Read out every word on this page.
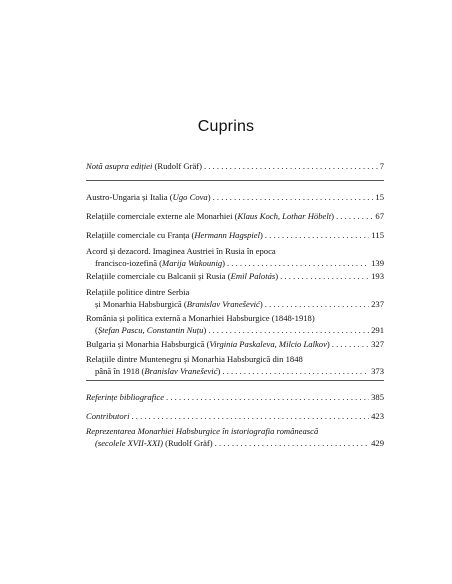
Cuprins
Notă asupra ediției (Rudolf Gräf) . . .	7
Austro-Ungaria și Italia (Ugo Cova) . . .	15
Relațiile comerciale externe ale Monarhiei (Klaus Koch, Lothar Höbelt) . . .	67
Relațiile comerciale cu Franța (Hermann Hagspiel) . . .	115
Acord și dezacord. Imaginea Austriei în Rusia în epoca
francisco-iozefină (Marija Wakounig) . . .	139
Relațiile comerciale cu Balcanii și Rusia (Emil Palotás) . . .	193
Relațiile politice dintre Serbia
și Monarhia Habsburgică (Branislav Vranešević) . . .	237
România și politica externă a Monarhiei Habsburgice (1848-1918)
(Ștefan Pascu, Constantin Nuțu) . . .	291
Bulgaria și Monarhia Habsburgică (Virginia Paskaleva, Milcio Lalkov) . . .	327
Relațiile dintre Muntenegru și Monarhia Habsburgică din 1848
până în 1918 (Branislav Vranešević) . . .	373
Referințe bibliografice . . .	385
Contributori . . .	423
Reprezentarea Monarhiei Habsburgice în istoriografia românească
(secolele XVII-XXI) (Rudolf Gräf) . . .	429
